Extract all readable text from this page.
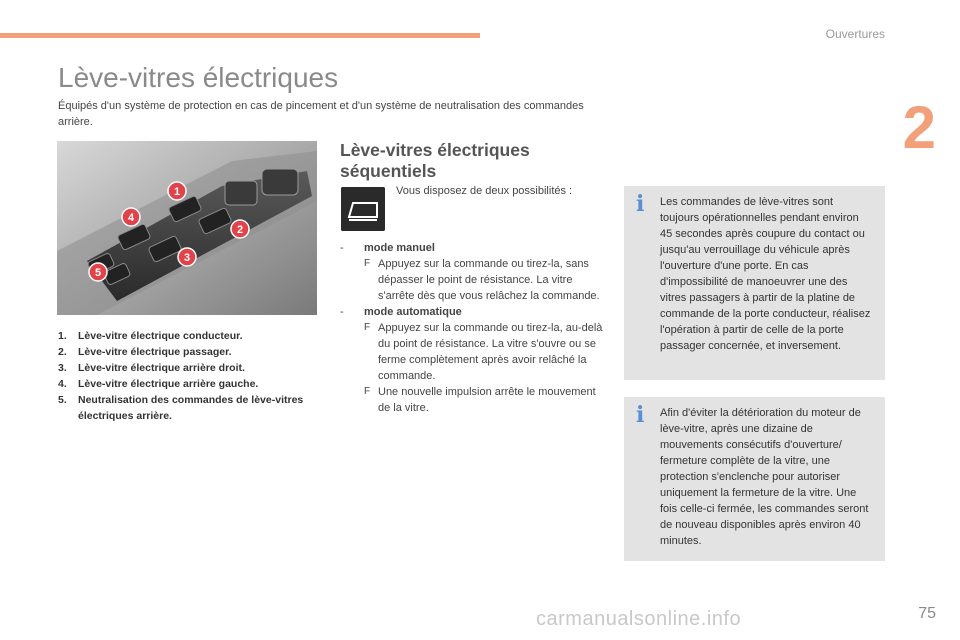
Ouvertures
2
Lève-vitres électriques
Équipés d'un système de protection en cas de pincement et d'un système de neutralisation des commandes arrière.
1
2
3
4
5
1.	Lève-vitre électrique conducteur.
2.	Lève-vitre électrique passager.
3.	Lève-vitre électrique arrière droit.
4.	Lève-vitre électrique arrière gauche.
5.	Neutralisation des commandes de lève-vitres électriques arrière.
Lève-vitres électriques séquentiels
Vous disposez de deux possibilités :
-	mode manuel
F Appuyez sur la commande ou tirez-la, sans dépasser le point de résistance. La vitre s'arrête dès que vous relâchez la commande.
-	mode automatique
F Appuyez sur la commande ou tirez-la, au-delà du point de résistance. La vitre s'ouvre ou se ferme complètement après avoir relâché la commande.
F Une nouvelle impulsion arrête le mouvement de la vitre.
i	Les commandes de lève-vitres sont toujours opérationnelles pendant environ 45 secondes après coupure du contact ou jusqu'au verrouillage du véhicule après l'ouverture d'une porte. En cas d'impossibilité de manoeuvrer une des vitres passagers à partir de la platine de commande de la porte conducteur, réalisez l'opération à partir de celle de la porte passager concernée, et inversement.
i	Afin d'éviter la détérioration du moteur de lève-vitre, après une dizaine de mouvements consécutifs d'ouverture/ fermeture complète de la vitre, une protection s'enclenche pour autoriser uniquement la fermeture de la vitre. Une fois celle-ci fermée, les commandes seront de nouveau disponibles après environ 40 minutes.
carmanualsonline.info	75
